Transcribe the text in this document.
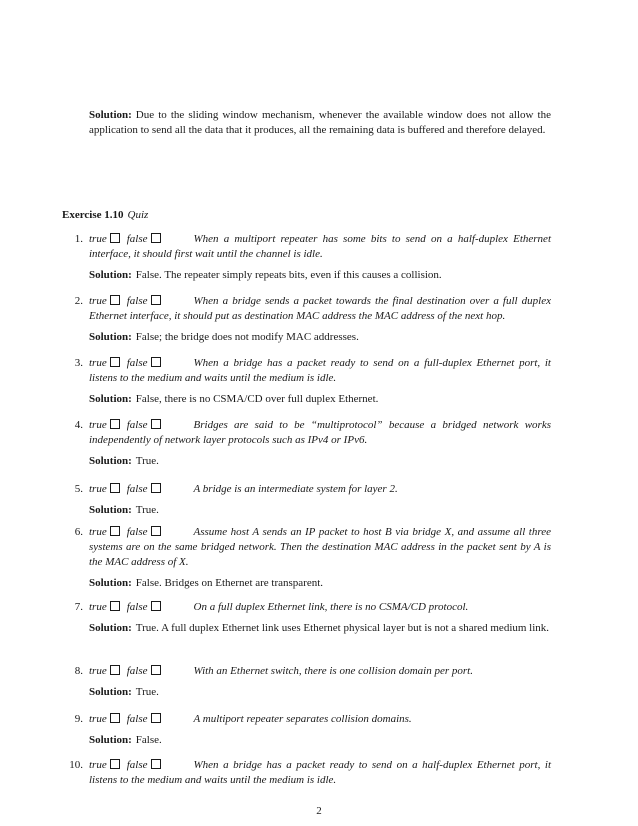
Solution: Due to the sliding window mechanism, whenever the available window does not allow the application to send all the data that it produces, all the remaining data is buffered and therefore delayed.
Exercise 1.10 Quiz
1. true false	When a multiport repeater has some bits to send on a half-duplex Ethernet interface, it should first wait until the channel is idle.
Solution: False. The repeater simply repeats bits, even if this causes a collision.
2. true false	When a bridge sends a packet towards the final destination over a full duplex Ethernet interface, it should put as destination MAC address the MAC address of the next hop.
Solution: False; the bridge does not modify MAC addresses.
3. true false	When a bridge has a packet ready to send on a full-duplex Ethernet port, it listens to the medium and waits until the medium is idle.
Solution: False, there is no CSMA/CD over full duplex Ethernet.
4. true false	Bridges are said to be “multiprotocol” because a bridged network works independently of network layer protocols such as IPv4 or IPv6.
Solution: True.
5. true false	A bridge is an intermediate system for layer 2.
Solution: True.
6. true false	Assume host A sends an IP packet to host B via bridge X, and assume all three systems are on the same bridged network. Then the destination MAC address in the packet sent by A is the MAC address of X.
Solution: False. Bridges on Ethernet are transparent.
7. true false	On a full duplex Ethernet link, there is no CSMA/CD protocol.
Solution: True. A full duplex Ethernet link uses Ethernet physical layer but is not a shared medium link.
8. true false	With an Ethernet switch, there is one collision domain per port.
Solution: True.
9. true false	A multiport repeater separates collision domains.
Solution: False.
10. true false	When a bridge has a packet ready to send on a half-duplex Ethernet port, it listens to the medium and waits until the medium is idle.
2
